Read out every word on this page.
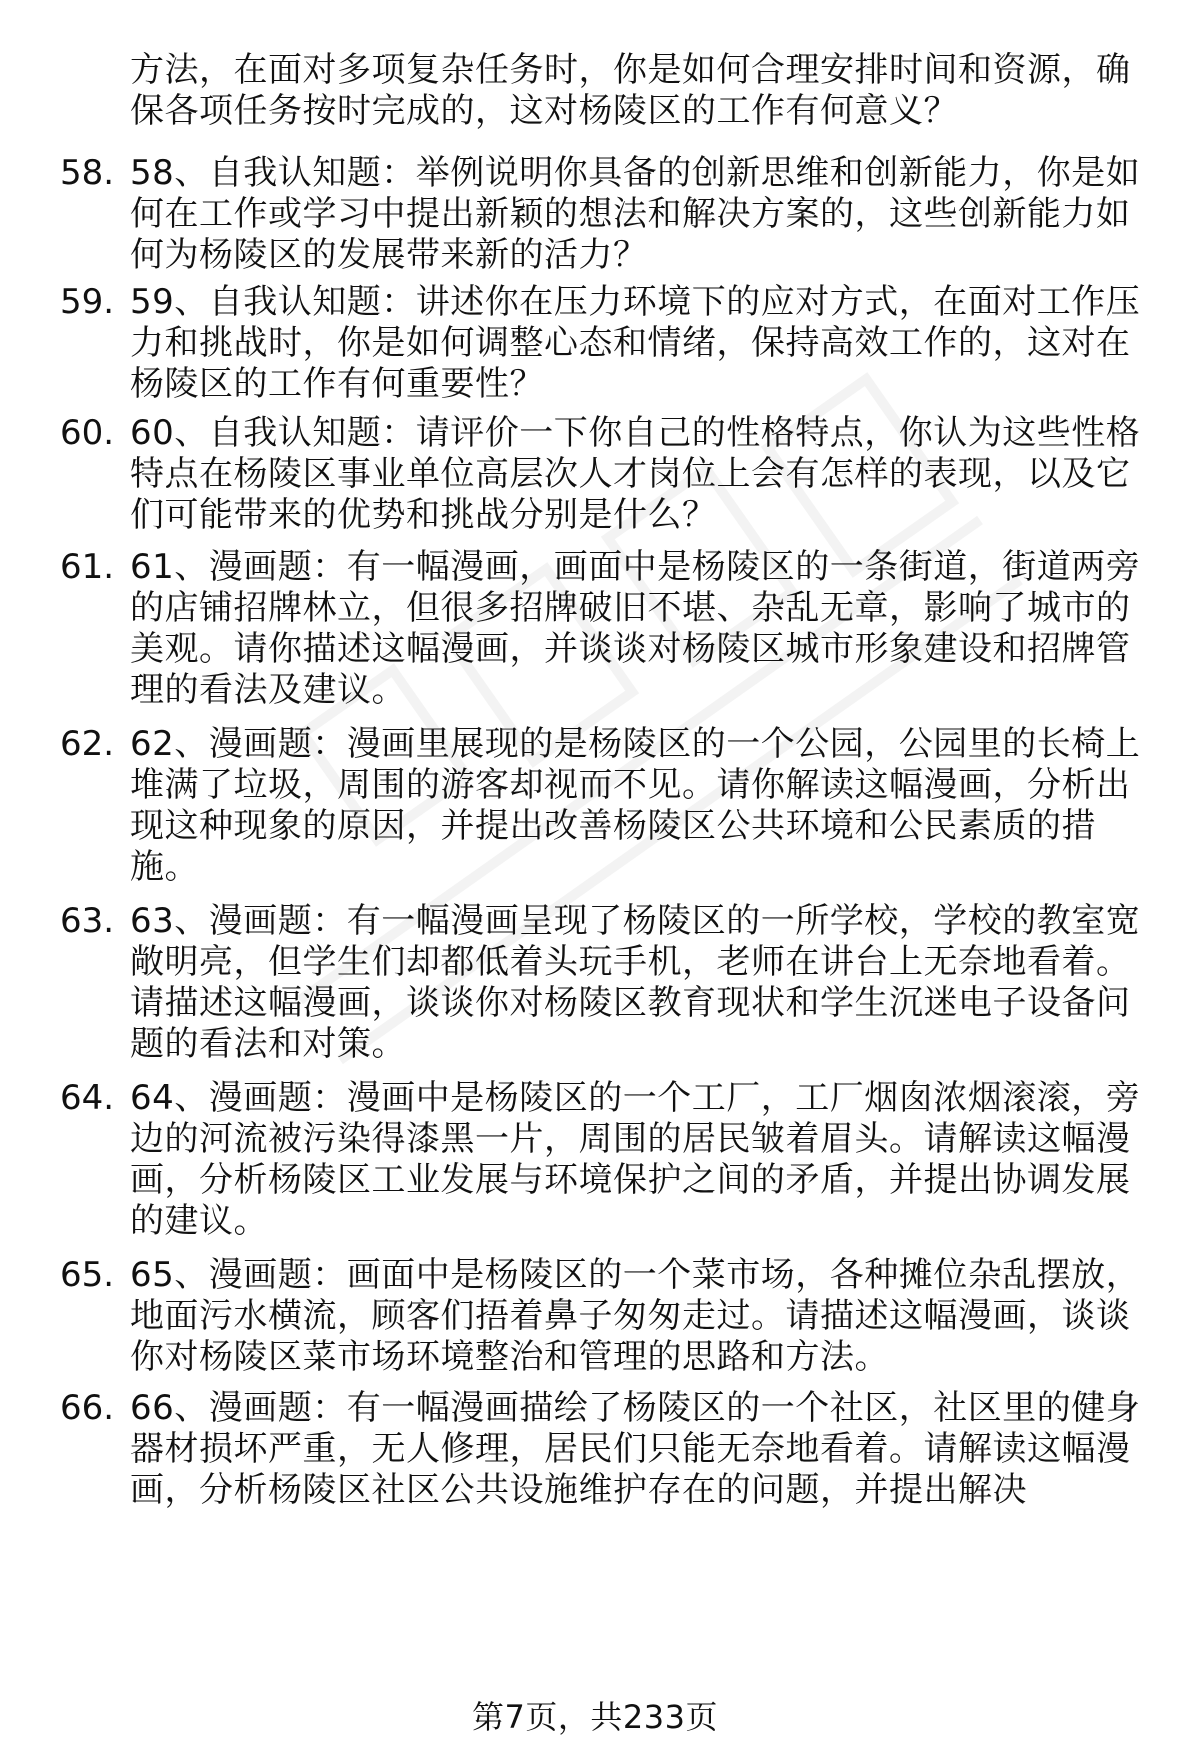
方法，在面对多项复杂任务时，你是如何合理安排时间和资源，确保各项任务按时完成的，这对杨陵区的工作有何意义？
58. 58、自我认知题：举例说明你具备的创新思维和创新能力，你是如何在工作或学习中提出新颖的想法和解决方案的，这些创新能力如何为杨陵区的发展带来新的活力？
59. 59、自我认知题：讲述你在压力环境下的应对方式，在面对工作压力和挑战时，你是如何调整心态和情绪，保持高效工作的，这对在杨陵区的工作有何重要性？
60. 60、自我认知题：请评价一下你自己的性格特点，你认为这些性格特点在杨陵区事业单位高层次人才岗位上会有怎样的表现，以及它们可能带来的优势和挑战分别是什么？
61. 61、漫画题：有一幅漫画，画面中是杨陵区的一条街道，街道两旁的店铺招牌林立，但很多招牌破旧不堪、杂乱无章，影响了城市的美观。请你描述这幅漫画，并谈谈对杨陵区城市形象建设和招牌管理的看法及建议。
62. 62、漫画题：漫画里展现的是杨陵区的一个公园，公园里的长椅上堆满了垃圾，周围的游客却视而不见。请你解读这幅漫画，分析出现这种现象的原因，并提出改善杨陵区公共环境和公民素质的措施。
63. 63、漫画题：有一幅漫画呈现了杨陵区的一所学校，学校的教室宽敞明亮，但学生们却都低着头玩手机，老师在讲台上无奈地看着。请描述这幅漫画，谈谈你对杨陵区教育现状和学生沉迷电子设备问题的看法和对策。
64. 64、漫画题：漫画中是杨陵区的一个工厂，工厂烟囱浓烟滚滚，旁边的河流被污染得漆黑一片，周围的居民皱着眉头。请解读这幅漫画，分析杨陵区工业发展与环境保护之间的矛盾，并提出协调发展的建议。
65. 65、漫画题：画面中是杨陵区的一个菜市场，各种摊位杂乱摆放，地面污水横流，顾客们捂着鼻子匆匆走过。请描述这幅漫画，谈谈你对杨陵区菜市场环境整治和管理的思路和方法。
66. 66、漫画题：有一幅漫画描绘了杨陵区的一个社区，社区里的健身器材损坏严重，无人修理，居民们只能无奈地看着。请解读这幅漫画，分析杨陵区社区公共设施维护存在的问题，并提出解决
第7页，共233页
